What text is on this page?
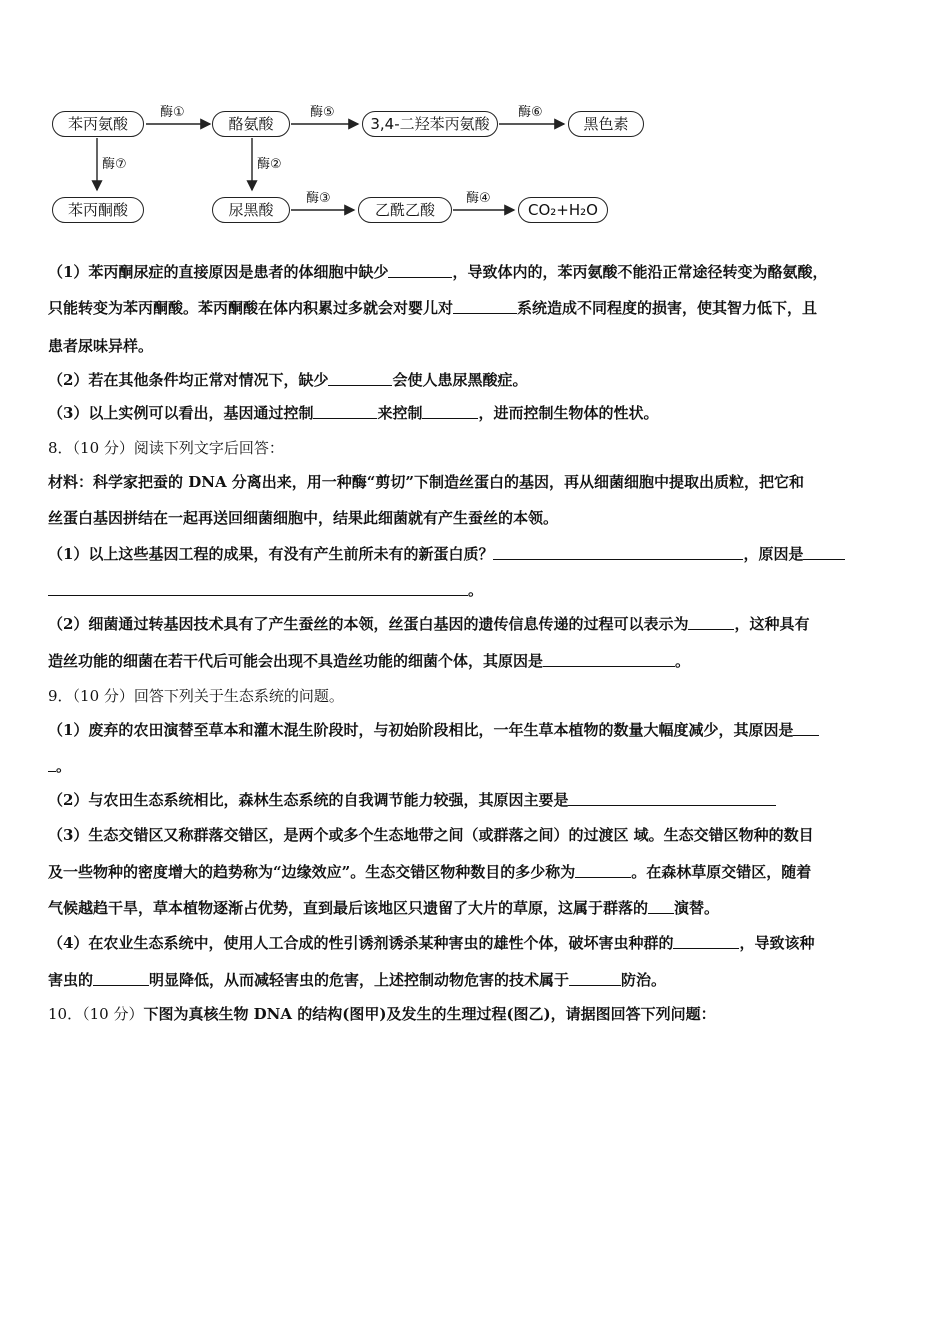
苯丙氨酸	酪氨酸	3,4-二羟苯丙氨酸	黑色素
苯丙酮酸	尿黑酸	乙酰乙酸	CO₂+H₂O
酶①	酶⑤	酶⑥
酶⑦	酶②
酶③	酶④
（1）苯丙酮尿症的直接原因是患者的体细胞中缺少	，导致体内的，苯丙氨酸不能沿正常途径转变为酪氨酸，
只能转变为苯丙酮酸。苯丙酮酸在体内积累过多就会对婴儿对	系统造成不同程度的损害，使其智力低下，且
患者尿味异样。
（2）若在其他条件均正常对情况下，缺少	会使人患尿黑酸症。
（3）以上实例可以看出，基因通过控制	来控制	，进而控制生物体的性状。
8．（10 分）阅读下列文字后回答：
材料：科学家把蚕的 DNA 分离出来，用一种酶“剪切”下制造丝蛋白的基因，再从细菌细胞中提取出质粒，把它和
丝蛋白基因拼结在一起再送回细菌细胞中，结果此细菌就有产生蚕丝的本领。
（1）以上这些基因工程的成果，有没有产生前所未有的新蛋白质？	，原因是
。
（2）细菌通过转基因技术具有了产生蚕丝的本领，丝蛋白基因的遗传信息传递的过程可以表示为	，这种具有
造丝功能的细菌在若干代后可能会出现不具造丝功能的细菌个体，其原因是	。
9．（10 分）回答下列关于生态系统的问题。
（1）废弃的农田演替至草本和灌木混生阶段时，与初始阶段相比，一年生草本植物的数量大幅度减少，其原因是
。
（2）与农田生态系统相比，森林生态系统的自我调节能力较强，其原因主要是
（3）生态交错区又称群落交错区，是两个或多个生态地带之间（或群落之间）的过渡区 域。生态交错区物种的数目
及一些物种的密度增大的趋势称为“边缘效应”。生态交错区物种数目的多少称为	。在森林草原交错区，随着
气候越趋干旱，草本植物逐渐占优势，直到最后该地区只遗留了大片的草原，这属于群落的 演替。
（4）在农业生态系统中，使用人工合成的性引诱剂诱杀某种害虫的雄性个体，破坏害虫种群的	，导致该种
害虫的	明显降低，从而减轻害虫的危害，上述控制动物危害的技术属于	防治。
10．（10 分）下图为真核生物 DNA 的结构(图甲)及发生的生理过程(图乙)，请据图回答下列问题：
